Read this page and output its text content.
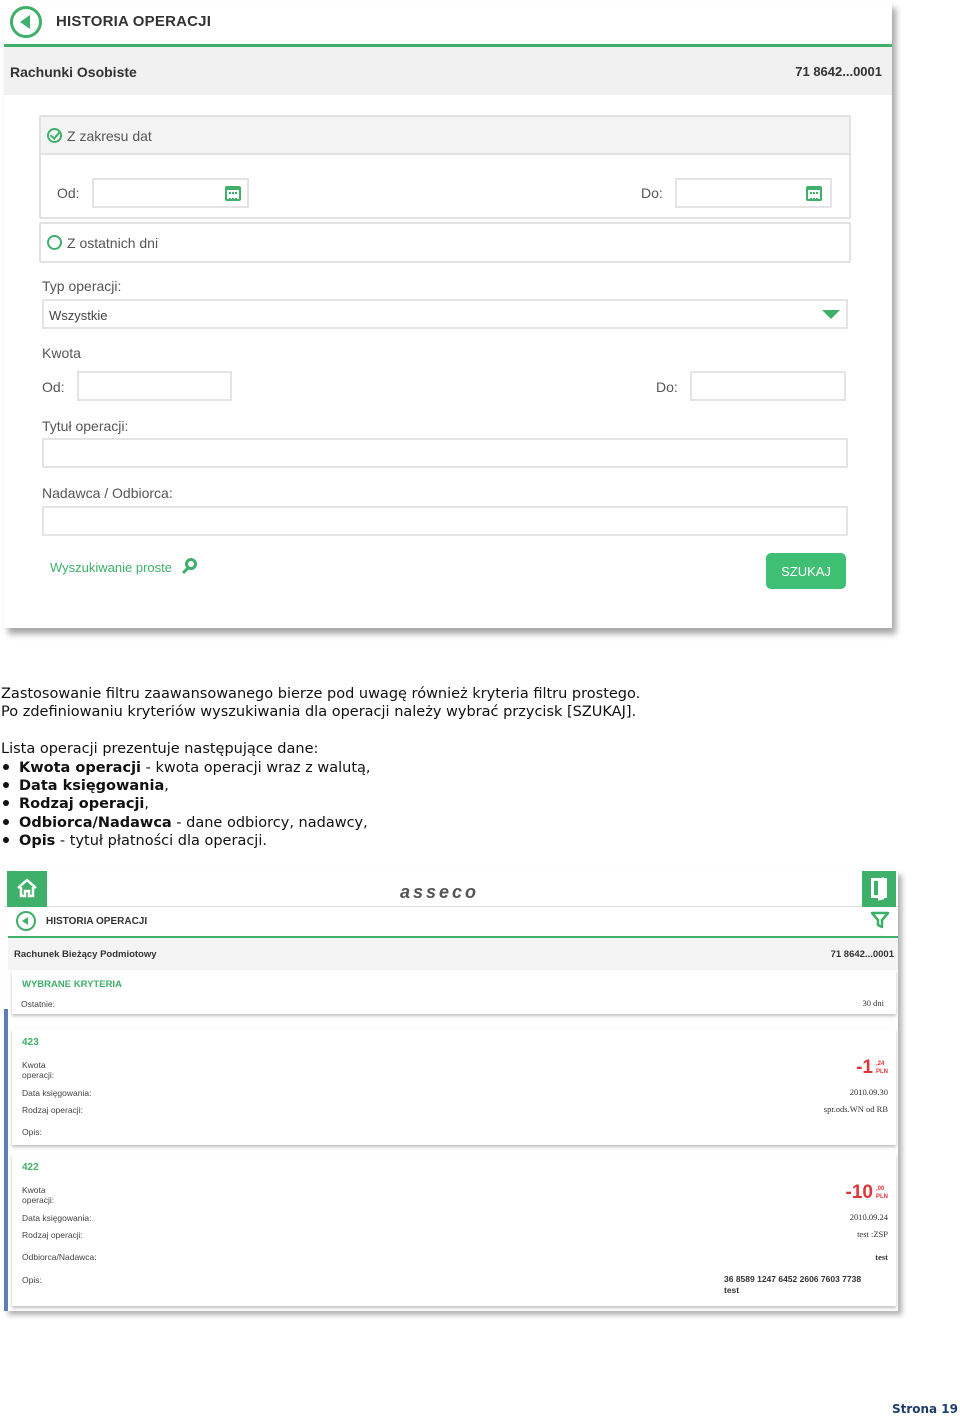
HISTORIA OPERACJI
Rachunki Osobiste	71 8642...0001
Z zakresu dat
Od:	Do:
Z ostatnich dni
Typ operacji:
Wszystkie
Kwota
Od:	Do:
Tytuł operacji:
Nadawca / Odbiorca:
Wyszukiwanie proste	SZUKAJ
Zastosowanie filtru zaawansowanego bierze pod uwagę również kryteria filtru prostego.
Po zdefiniowaniu kryteriów wyszukiwania dla operacji należy wybrać przycisk [SZUKAJ].
Lista operacji prezentuje następujące dane:
Kwota operacji - kwota operacji wraz z walutą,
Data księgowania,
Rodzaj operacji,
Odbiorca/Nadawca - dane odbiorcy, nadawcy,
Opis - tytuł płatności dla operacji.
asseco
HISTORIA OPERACJI
Rachunek Bieżący Podmiotowy	71 8642...0001
WYBRANE KRYTERIA
Ostatnie:	30 dni
423
Kwota
operacji:	-1 ,24
PLN
Data księgowania:	2010.09.30
Rodzaj operacji:	spr.ods.WN od RB
Opis:
422
Kwota
operacji:	-10 ,00
PLN
Data księgowania:	2010.09.24
Rodzaj operacji:	test :ZSP
Odbiorca/Nadawca:	test
Opis:	36 8589 1247 6452 2606 7603 7738
test
Strona 19
